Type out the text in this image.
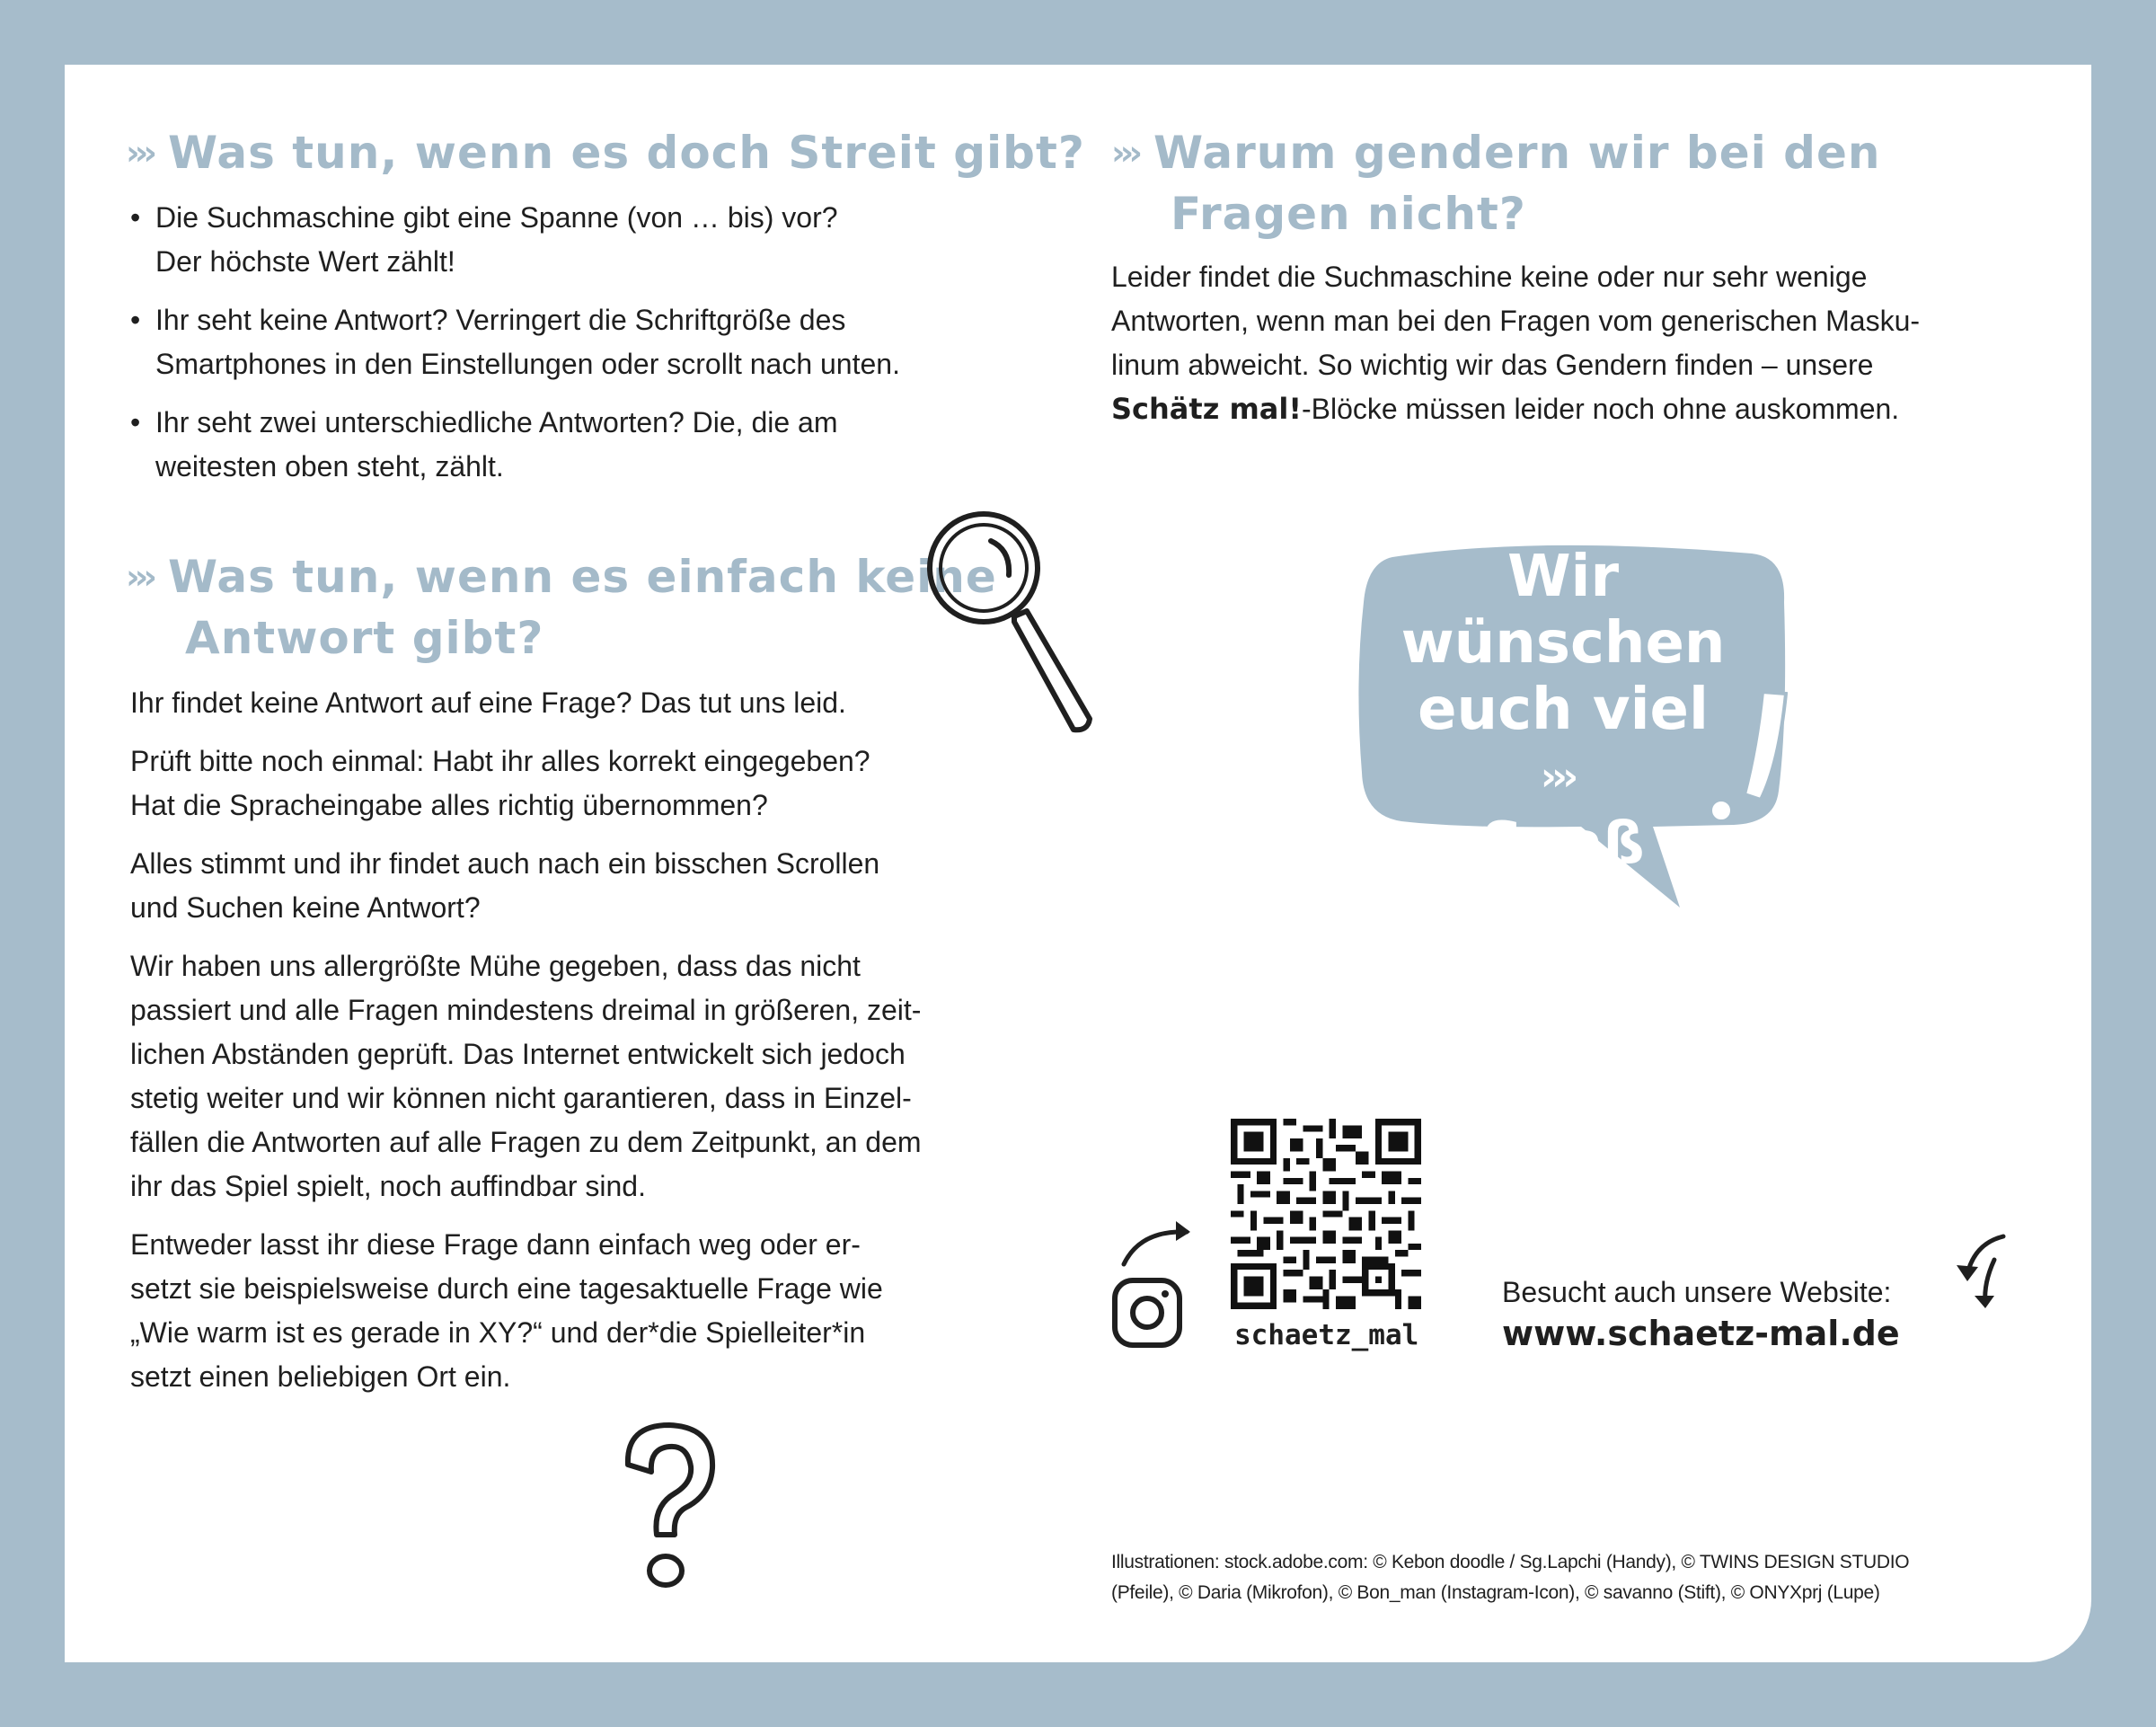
››› Was tun, wenn es doch Streit gibt?
• Die Suchmaschine gibt eine Spanne (von … bis) vor?
Der höchste Wert zählt!
• Ihr seht keine Antwort? Verringert die Schriftgröße des
Smartphones in den Einstellungen oder scrollt nach unten.
• Ihr seht zwei unterschiedliche Antworten? Die, die am
weitesten oben steht, zählt.
››› Was tun, wenn es einfach keine
Antwort gibt?

Ihr findet keine Antwort auf eine Frage? Das tut uns leid.

Prüft bitte noch einmal: Habt ihr alles korrekt eingegeben?
Hat die Spracheingabe alles richtig übernommen?

Alles stimmt und ihr findet auch nach ein bisschen Scrollen
und Suchen keine Antwort?

Wir haben uns allergrößte Mühe gegeben, dass das nicht
passiert und alle Fragen mindestens dreimal in größeren, zeit-
lichen Abständen geprüft. Das Internet entwickelt sich jedoch
stetig weiter und wir können nicht garantieren, dass in Einzel-
fällen die Antworten auf alle Fragen zu dem Zeitpunkt, an dem
ihr das Spiel spielt, noch auffindbar sind.

Entweder lasst ihr diese Frage dann einfach weg oder er-
setzt sie beispielsweise durch eine tagesaktuelle Frage wie
„Wie warm ist es gerade in XY?“ und der*die Spielleiter*in
setzt einen beliebigen Ort ein.

››› Warum gendern wir bei den
Fragen nicht?
Leider findet die Suchmaschine keine oder nur sehr wenige
Antworten, wenn man bei den Fragen vom generischen Masku-
linum abweicht. So wichtig wir das Gendern finden – unsere
Schätz mal!-Blöcke müssen leider noch ohne auskommen.
Wir
wünschen
euch viel
›››
Spaß

schaetz_mal

Besucht auch unsere Website:

www.schaetz-mal.de

Illustrationen: stock.adobe.com: © Kebon doodle / Sg.Lapchi (Handy), © TWINS DESIGN STUDIO
(Pfeile), © Daria (Mikrofon), © Bon_man (Instagram-Icon), © savanno (Stift), © ONYXprj (Lupe)
